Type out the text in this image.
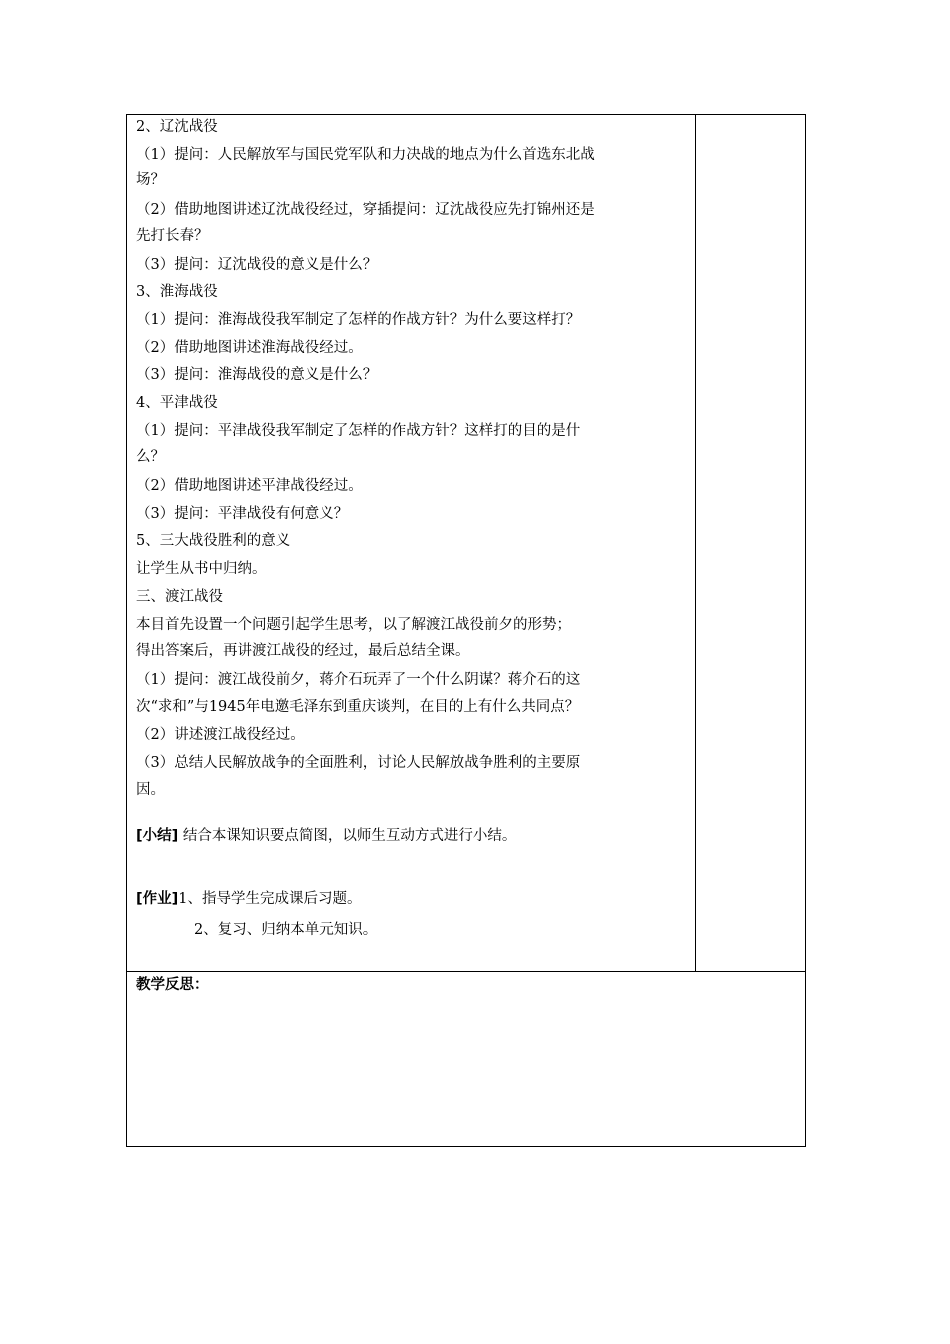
2、辽沈战役
（1）提问：人民解放军与国民党军队和力决战的地点为什么首选东北战
场？
（2）借助地图讲述辽沈战役经过，穿插提问：辽沈战役应先打锦州还是
先打长春？
（3）提问：辽沈战役的意义是什么？
3、淮海战役
（1）提问：淮海战役我军制定了怎样的作战方针？为什么要这样打？
（2）借助地图讲述淮海战役经过。
（3）提问：淮海战役的意义是什么？
4、平津战役
（1）提问：平津战役我军制定了怎样的作战方针？这样打的目的是什
么？
（2）借助地图讲述平津战役经过。
（3）提问：平津战役有何意义？
5、三大战役胜利的意义
让学生从书中归纳。
三、渡江战役
本目首先设置一个问题引起学生思考，以了解渡江战役前夕的形势；
得出答案后，再讲渡江战役的经过，最后总结全课。
（1）提问：渡江战役前夕，蒋介石玩弄了一个什么阴谋？蒋介石的这
次“求和”与1945年电邀毛泽东到重庆谈判，在目的上有什么共同点？
（2）讲述渡江战役经过。
（3）总结人民解放战争的全面胜利，讨论人民解放战争胜利的主要原
因。
[小结] 结合本课知识要点简图，以师生互动方式进行小结。
[作业]1、指导学生完成课后习题。
2、复习、归纳本单元知识。
教学反思：
